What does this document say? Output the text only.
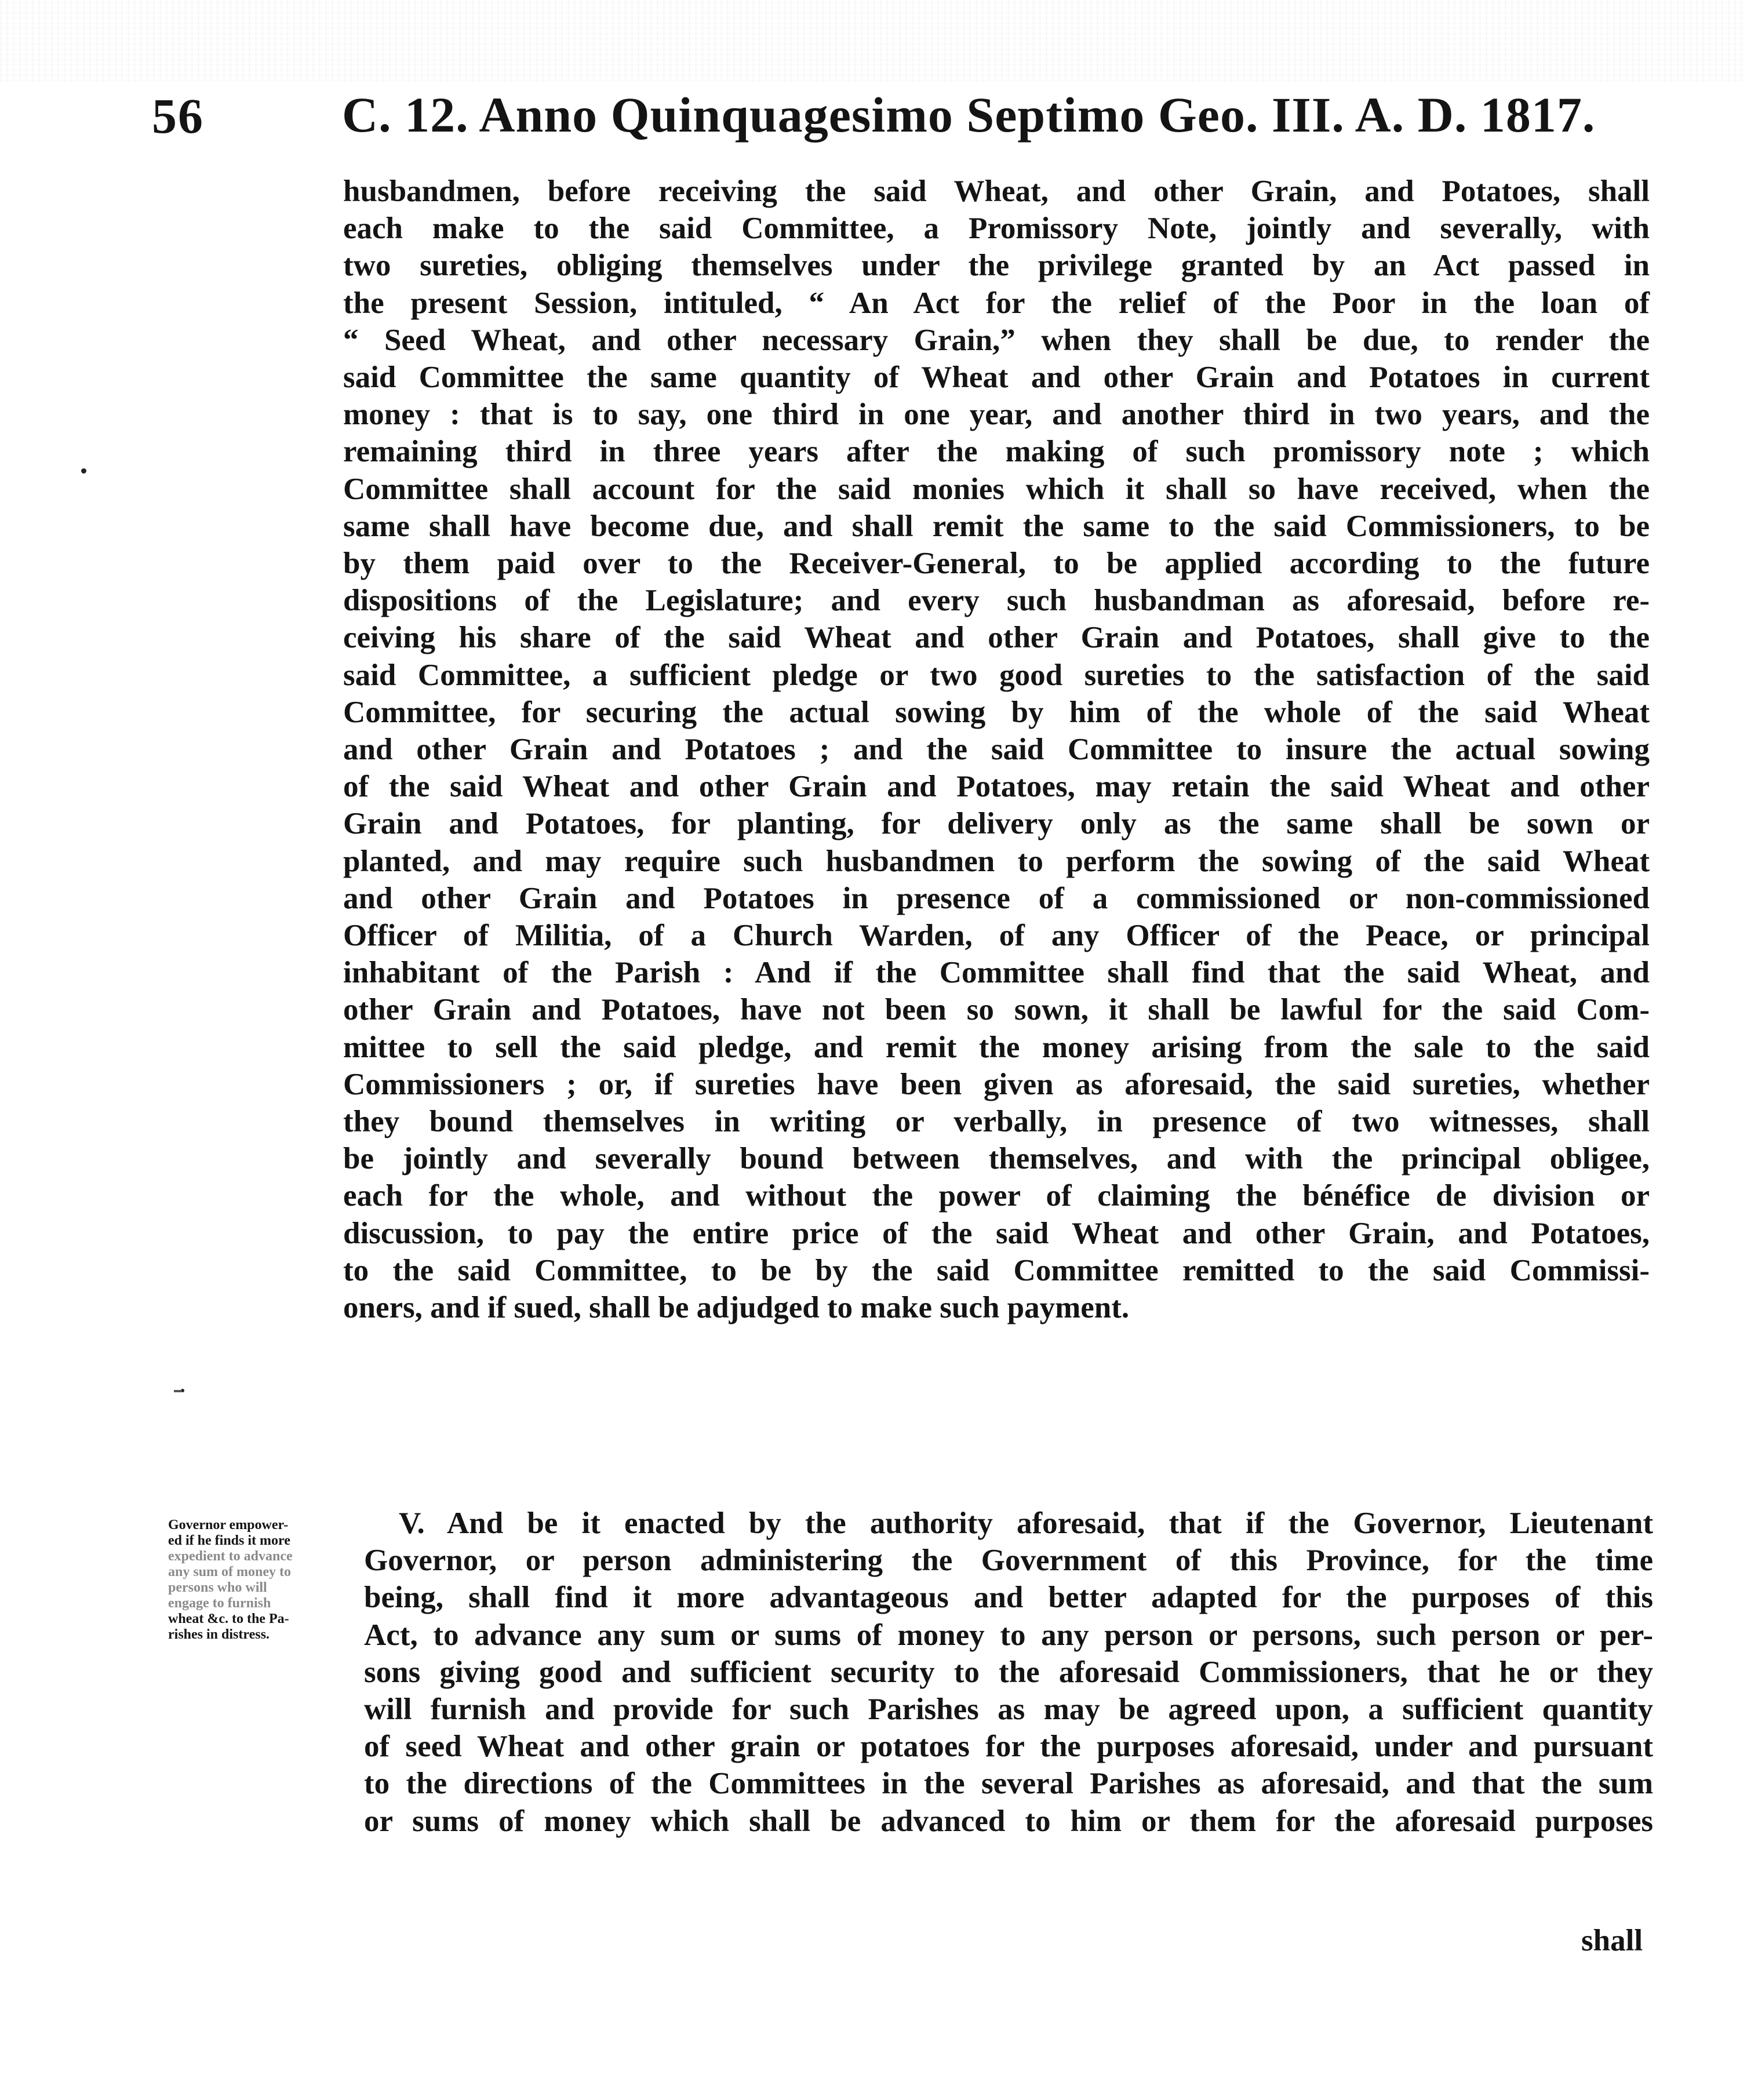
56	C. 12. Anno Quinquagesimo Septimo Geo. III. A. D. 1817.
husbandmen, before receiving the said Wheat, and other Grain, and Potatoes, shall
each make to the said Committee, a Promissory Note, jointly and severally, with
two sureties, obliging themselves under the privilege granted by an Act passed in
the present Session, intituled, “ An Act for the relief of the Poor in the loan of
“ Seed Wheat, and other necessary Grain,” when they shall be due, to render the
said Committee the same quantity of Wheat and other Grain and Potatoes in current
money : that is to say, one third in one year, and another third in two years, and the
remaining third in three years after the making of such promissory note ; which
Committee shall account for the said monies which it shall so have received, when the
same shall have become due, and shall remit the same to the said Commissioners, to be
by them paid over to the Receiver-General, to be applied according to the future
dispositions of the Legislature; and every such husbandman as aforesaid, before re-
ceiving his share of the said Wheat and other Grain and Potatoes, shall give to the
said Committee, a sufficient pledge or two good sureties to the satisfaction of the said
Committee, for securing the actual sowing by him of the whole of the said Wheat
and other Grain and Potatoes ; and the said Committee to insure the actual sowing
of the said Wheat and other Grain and Potatoes, may retain the said Wheat and other
Grain and Potatoes, for planting, for delivery only as the same shall be sown or
planted, and may require such husbandmen to perform the sowing of the said Wheat
and other Grain and Potatoes in presence of a commissioned or non-commissioned
Officer of Militia, of a Church Warden, of any Officer of the Peace, or principal
inhabitant of the Parish : And if the Committee shall find that the said Wheat, and
other Grain and Potatoes, have not been so sown, it shall be lawful for the said Com-
mittee to sell the said pledge, and remit the money arising from the sale to the said
Commissioners ; or, if sureties have been given as aforesaid, the said sureties, whether
they bound themselves in writing or verbally, in presence of two witnesses, shall
be jointly and severally bound between themselves, and with the principal obligee,
each for the whole, and without the power of claiming the bénéfice de division or
discussion, to pay the entire price of the said Wheat and other Grain, and Potatoes,
to the said Committee, to be by the said Committee remitted to the said Commissi-
oners, and if sued, shall be adjudged to make such payment.
Governor empower-
ed if he finds it more
expedient to advance
any sum of money to
persons who will
engage to furnish
wheat &c. to the Pa-
rishes in distress.
V. And be it enacted by the authority aforesaid, that if the Governor, Lieutenant
Governor, or person administering the Government of this Province, for the time
being, shall find it more advantageous and better adapted for the purposes of this
Act, to advance any sum or sums of money to any person or persons, such person or per-
sons giving good and sufficient security to the aforesaid Commissioners, that he or they
will furnish and provide for such Parishes as may be agreed upon, a sufficient quantity
of seed Wheat and other grain or potatoes for the purposes aforesaid, under and pursuant
to the directions of the Committees in the several Parishes as aforesaid, and that the sum
or sums of money which shall be advanced to him or them for the aforesaid purposes
shall
